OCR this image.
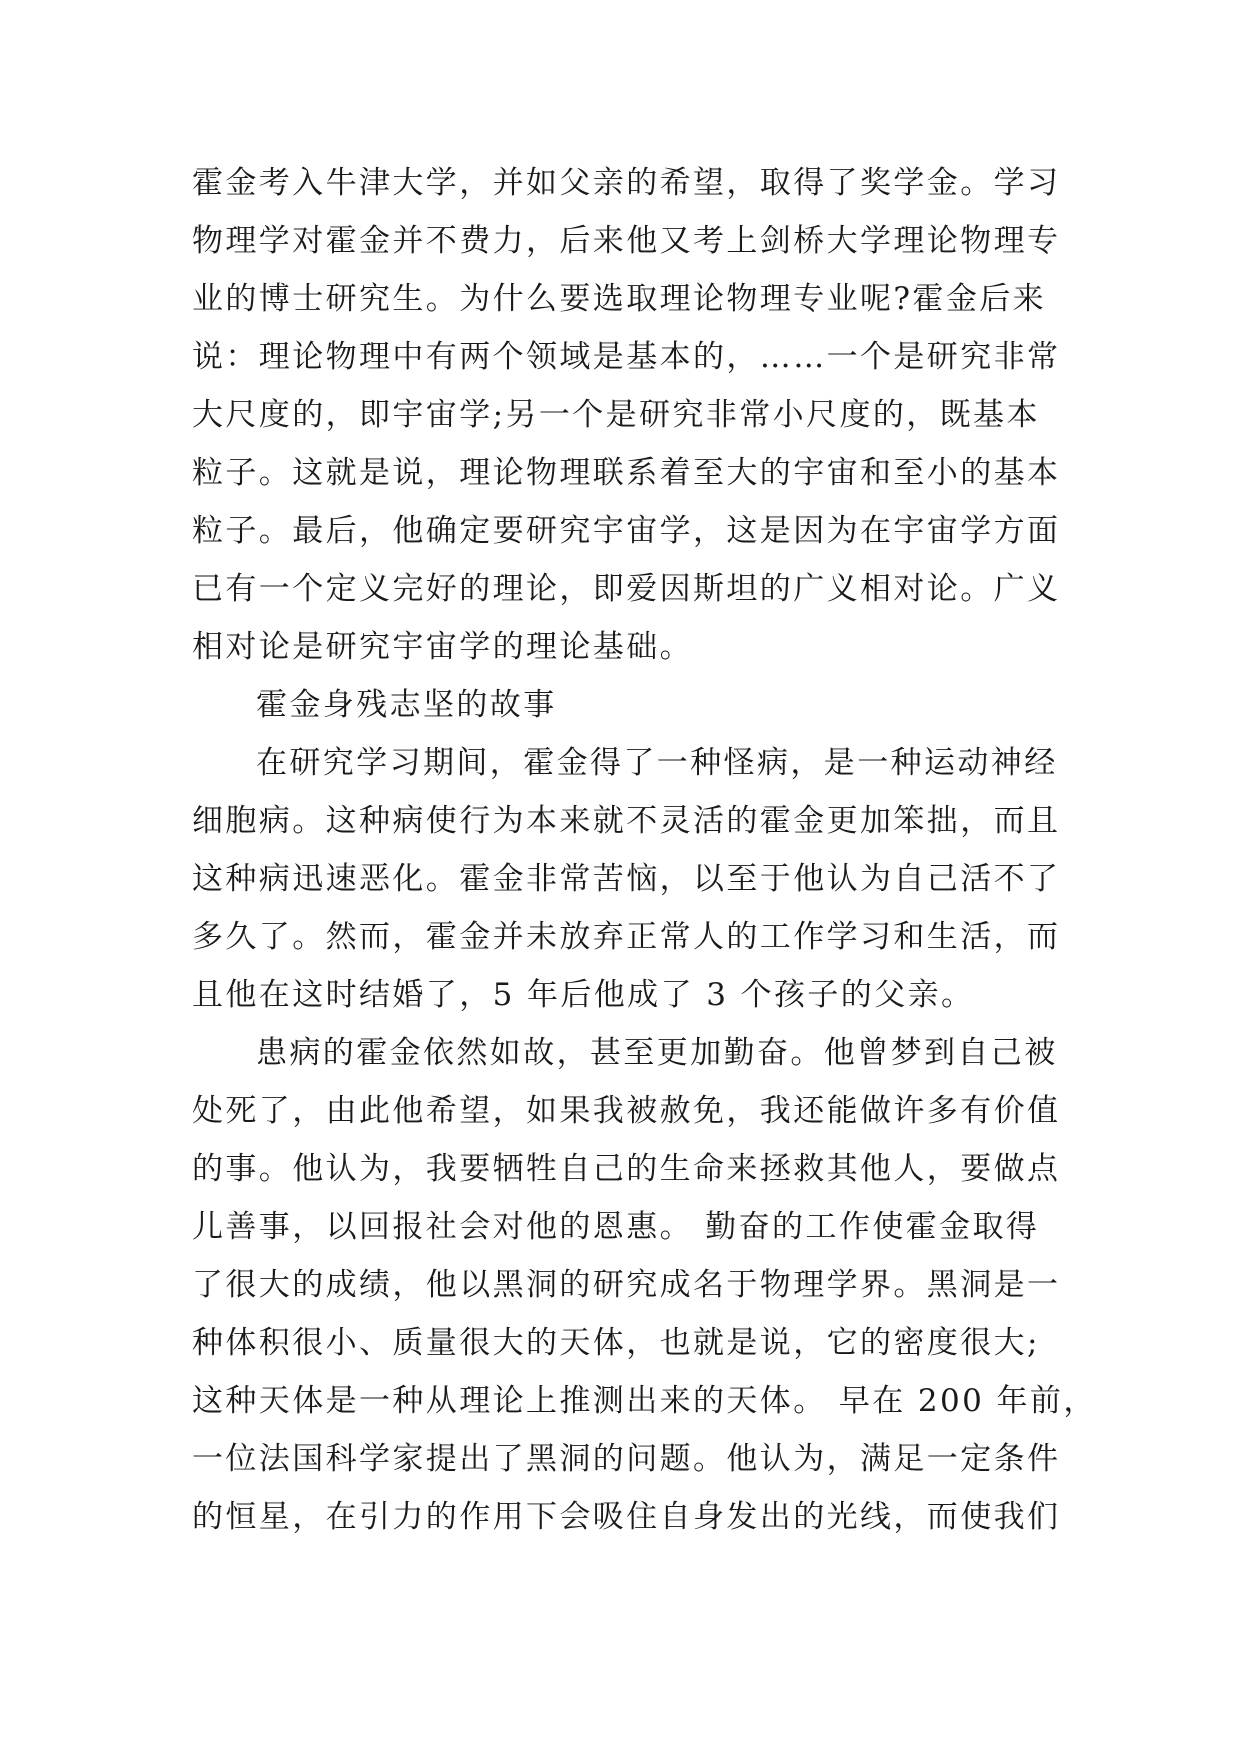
霍金考入牛津大学，并如父亲的希望，取得了奖学金。学习
物理学对霍金并不费力，后来他又考上剑桥大学理论物理专
业的博士研究生。为什么要选取理论物理专业呢?霍金后来
说：理论物理中有两个领域是基本的，……一个是研究非常
大尺度的，即宇宙学;另一个是研究非常小尺度的，既基本
粒子。这就是说，理论物理联系着至大的宇宙和至小的基本
粒子。最后，他确定要研究宇宙学，这是因为在宇宙学方面
已有一个定义完好的理论，即爱因斯坦的广义相对论。广义
相对论是研究宇宙学的理论基础。
霍金身残志坚的故事
在研究学习期间，霍金得了一种怪病，是一种运动神经
细胞病。这种病使行为本来就不灵活的霍金更加笨拙，而且
这种病迅速恶化。霍金非常苦恼，以至于他认为自己活不了
多久了。然而，霍金并未放弃正常人的工作学习和生活，而
且他在这时结婚了，5 年后他成了 3 个孩子的父亲。
患病的霍金依然如故，甚至更加勤奋。他曾梦到自己被
处死了，由此他希望，如果我被赦免，我还能做许多有价值
的事。他认为，我要牺牲自己的生命来拯救其他人，要做点
儿善事，以回报社会对他的恩惠。 勤奋的工作使霍金取得
了很大的成绩，他以黑洞的研究成名于物理学界。黑洞是一
种体积很小、质量很大的天体，也就是说，它的密度很大;
这种天体是一种从理论上推测出来的天体。 早在 200 年前，
一位法国科学家提出了黑洞的问题。他认为，满足一定条件
的恒星，在引力的作用下会吸住自身发出的光线，而使我们
